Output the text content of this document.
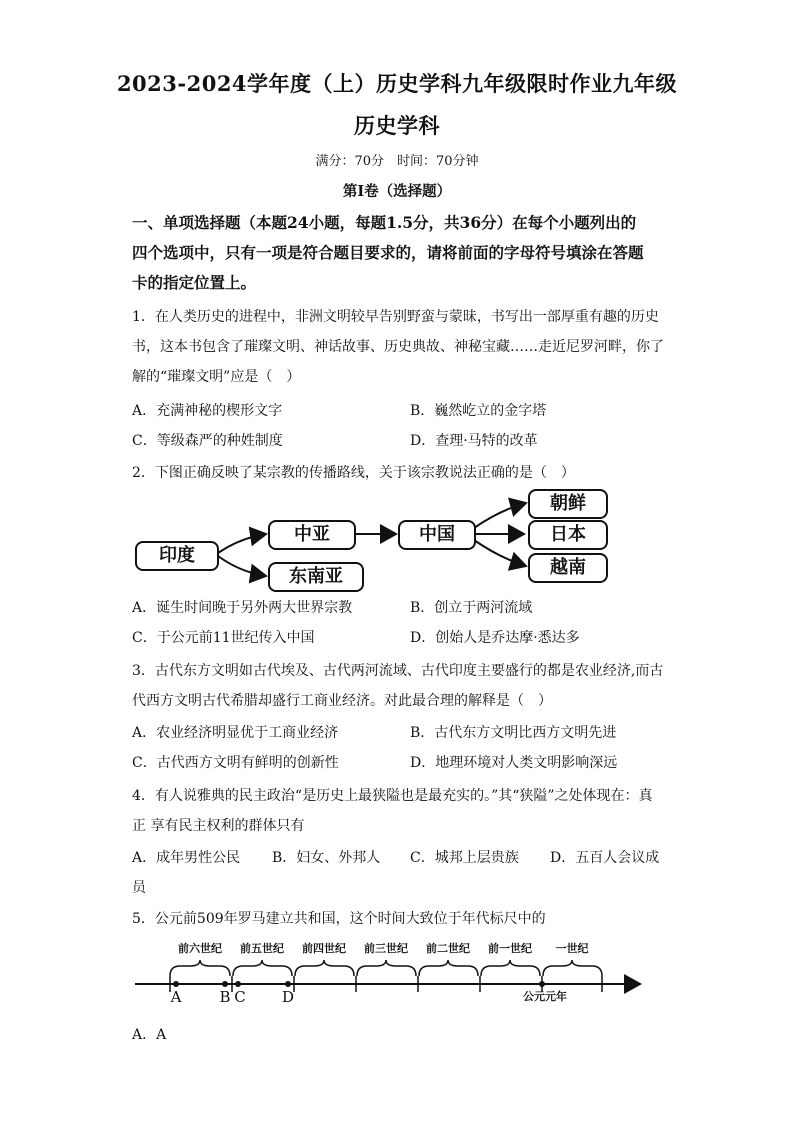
2023-2024学年度（上）历史学科九年级限时作业九年级
历史学科
满分：70分　时间：70分钟
第Ⅰ卷（选择题）
一、单项选择题（本题24小题，每题1.5分，共36分）在每个小题列出的
四个选项中，只有一项是符合题目要求的，请将前面的字母符号填涂在答题
卡的指定位置上。
1．在人类历史的进程中，非洲文明较早告别野蛮与蒙昧，书写出一部厚重有趣的历史
书，这本书包含了璀璨文明、神话故事、历史典故、神秘宝藏……走近尼罗河畔，你了
解的“璀璨文明”应是（　）
A．充满神秘的楔形文字	B．巍然屹立的金字塔
C．等级森严的种姓制度	D．查理·马特的改革
2．下图正确反映了某宗教的传播路线，关于该宗教说法正确的是（　）
印度
中亚
东南亚
中国
朝鲜
日本
越南
A．诞生时间晚于另外两大世界宗教	B．创立于两河流域
C．于公元前11世纪传入中国	D．创始人是乔达摩·悉达多
3．古代东方文明如古代埃及、古代两河流域、古代印度主要盛行的都是农业经济,而古
代西方文明古代希腊却盛行工商业经济。对此最合理的解释是（　）
A．农业经济明显优于工商业经济	B．古代东方文明比西方文明先进
C．古代西方文明有鲜明的创新性	D．地理环境对人类文明影响深远
4．有人说雅典的民主政治“是历史上最狭隘也是最充实的。”其“狭隘”之处体现在：真
正 享有民主权利的群体只有
A．成年男性公民 B．妇女、外邦人 C．城邦上层贵族 D．五百人会议成
员
5．公元前509年罗马建立共和国，这个时间大致位于年代标尺中的
前六世纪 前五世纪 前四世纪 前三世纪 前二世纪 前一世纪 一世纪
A	B C D	公元元年
A．A
